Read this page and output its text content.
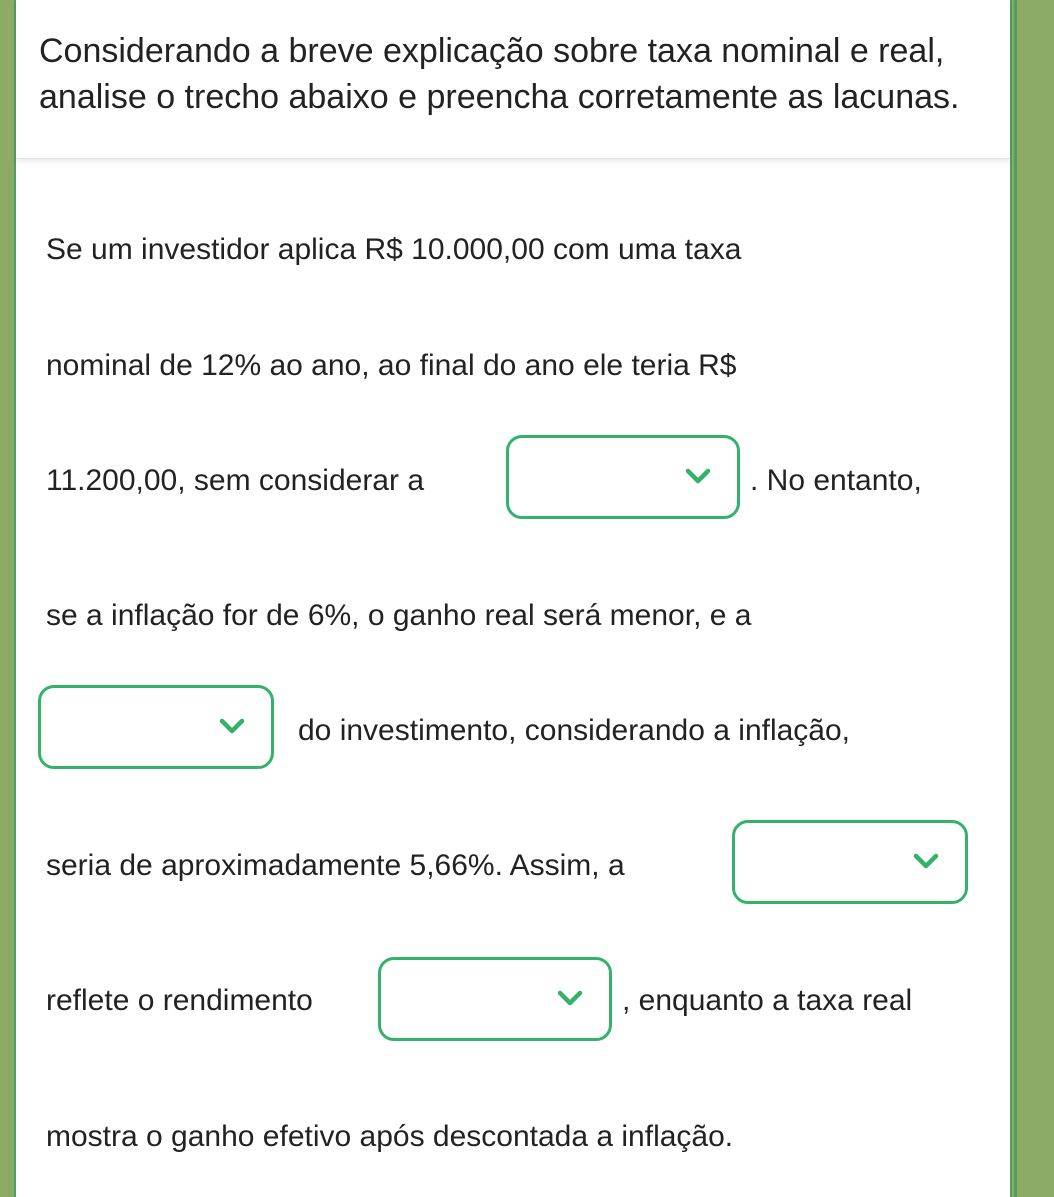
Considerando a breve explicação sobre taxa nominal e real, analise o trecho abaixo e preencha corretamente as lacunas.
Se um investidor aplica R$ 10.000,00 com uma taxa
nominal de 12% ao ano, ao final do ano ele teria R$
11.200,00, sem considerar a	. No entanto,
se a inflação for de 6%, o ganho real será menor, e a
do investimento, considerando a inflação,
seria de aproximadamente 5,66%. Assim, a
reflete o rendimento	, enquanto a taxa real
mostra o ganho efetivo após descontada a inflação.
